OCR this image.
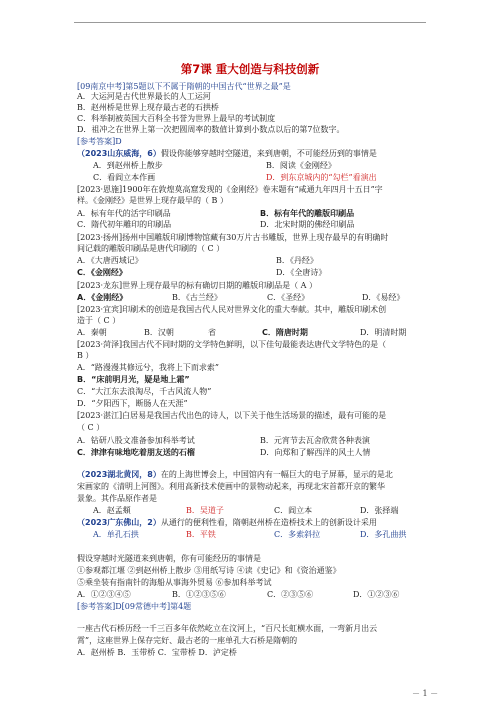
第7课 重大创造与科技创新
[09南京中考]第5题以下不属于隋朝的中国古代“世界之最”是
A．大运河是古代世界最长的人工运河
B．赵州桥是世界上现存最古老的石拱桥
C．科举制被英国大百科全书誉为世界上最早的考试制度
D．祖冲之在世界上第一次把圆周率的数值计算到小数点以后的第7位数字。
[参考答案]D
（2023山东威海，6）假设你能够穿越时空隧道，来到唐朝，不可能经历到的事情是
A．到赵州桥上散步	B．阅读《金刚经》
C．看阎立本作画	D．到东京城内的“勾栏”看演出
[2023·恩施]1900年在敦煌莫高窟发现的《金刚经》卷末题有“咸通九年四月十五日”字
样。《金刚经》是世界上现存最早的（ B ）
A．标有年代的活字印刷品	B．标有年代的雕版印刷品
C．隋代初年雕印的印刷品	D．北宋时期的佛经印刷品
[2023·扬州]扬州中国雕版印刷博物馆藏有30万片古书雕版，世界上现存最早的有明确时
间记载的雕版印刷品是唐代印刷的（ C ）
A．《大唐西域记》	B．《丹经》
C．《金刚经》	D．《全唐诗》
[2023·龙东]世界上现存最早的标有确切日期的雕版印刷品是（ A ）
A．《金刚经》	B．《古兰经》	C．《圣经》	D．《易经》
[2023·宜宾]印刷术的创造是我国古代人民对世界文化的重大奉献。其中，雕版印刷术创
造于（ C ）
A．秦朝	B．汉朝	省	C．隋唐时期	D．明清时期
[2023·菏泽]我国古代不同时期的文学特色鲜明，以下佳句最能表达唐代文学特色的是（
B ）
A．“路漫漫其修远兮，我将上下而求索”
B．“床前明月光，疑是地上霜”
C．“大江东去浪淘尽，千古风流人物”
D．“夕阳西下，断肠人在天涯”
[2023·湛江]白居易是我国古代出色的诗人，以下关于他生活场景的描述，最有可能的是
（ C ）
A．钻研八股文准备参加科举考试	B．元宵节去瓦舍欣赏各种表演
C．津津有味地吃着朋友送的石榴	D．向郑和了解西洋的风土人情
（2023湖北黄冈，8）在的上海世博会上，中国馆内有一幅巨大的电子屏幕，显示的是北
宋画家的《清明上河图》。利用高新技术使画中的景物动起来，再现北宋首都开京的繁华
景象。其作品原作者是
A．赵孟頫	B．吴道子	C．阎立本	D．张择端
（2023广东佛山，2）从通行的便利性看，隋朝赵州桥在造桥技术上的创新设计采用
A．单孔石拱	B．平铁	C．多索斜拉	D．多孔曲拱
假设穿越时光隧道来到唐朝，你有可能经历的事情是
①参观都江堰 ②到赵州桥上散步 ③用纸写诗 ④读《史记》和《资治通鉴》
⑤乘坐装有指南针的海船从事海外贸易 ⑥参加科举考试
A．①②③④⑤	B．①②③⑤⑥	C．②③⑤⑥	D．①②③⑥
[参考答案]D[09常德中考]第4题
一座古代石桥历经一千三百多年依然屹立在汶河上，“百尺长虹横水面，一弯新月出云
霄”，这座世界上保存完好、最古老的一座单孔大石桥是隋朝的
A．赵州桥 B．玉带桥 C．宝带桥 D．泸定桥
－ 1 －
